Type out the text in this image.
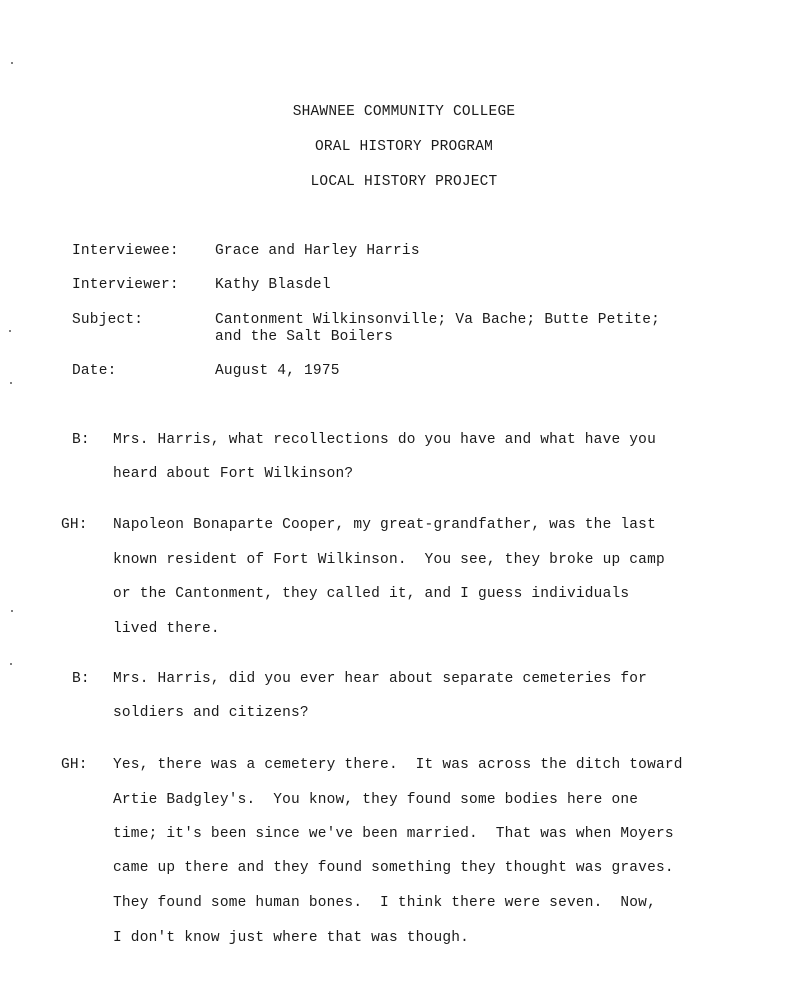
SHAWNEE COMMUNITY COLLEGE
ORAL HISTORY PROGRAM
LOCAL HISTORY PROJECT
Interviewee: Grace and Harley Harris
Interviewer: Kathy Blasdel
Subject:	Cantonment Wilkinsonville; Va Bache; Butte Petite;
and the Salt Boilers
Date:	August 4, 1975
B: Mrs. Harris, what recollections do you have and what have you
heard about Fort Wilkinson?
GH: Napoleon Bonaparte Cooper, my great-grandfather, was the last
known resident of Fort Wilkinson.  You see, they broke up camp
or the Cantonment, they called it, and I guess individuals
lived there.
B: Mrs. Harris, did you ever hear about separate cemeteries for
soldiers and citizens?
GH: Yes, there was a cemetery there.  It was across the ditch toward
Artie Badgley's.  You know, they found some bodies here one
time; it's been since we've been married.  That was when Moyers
came up there and they found something they thought was graves.
They found some human bones.  I think there were seven.  Now,
I don't know just where that was though.
